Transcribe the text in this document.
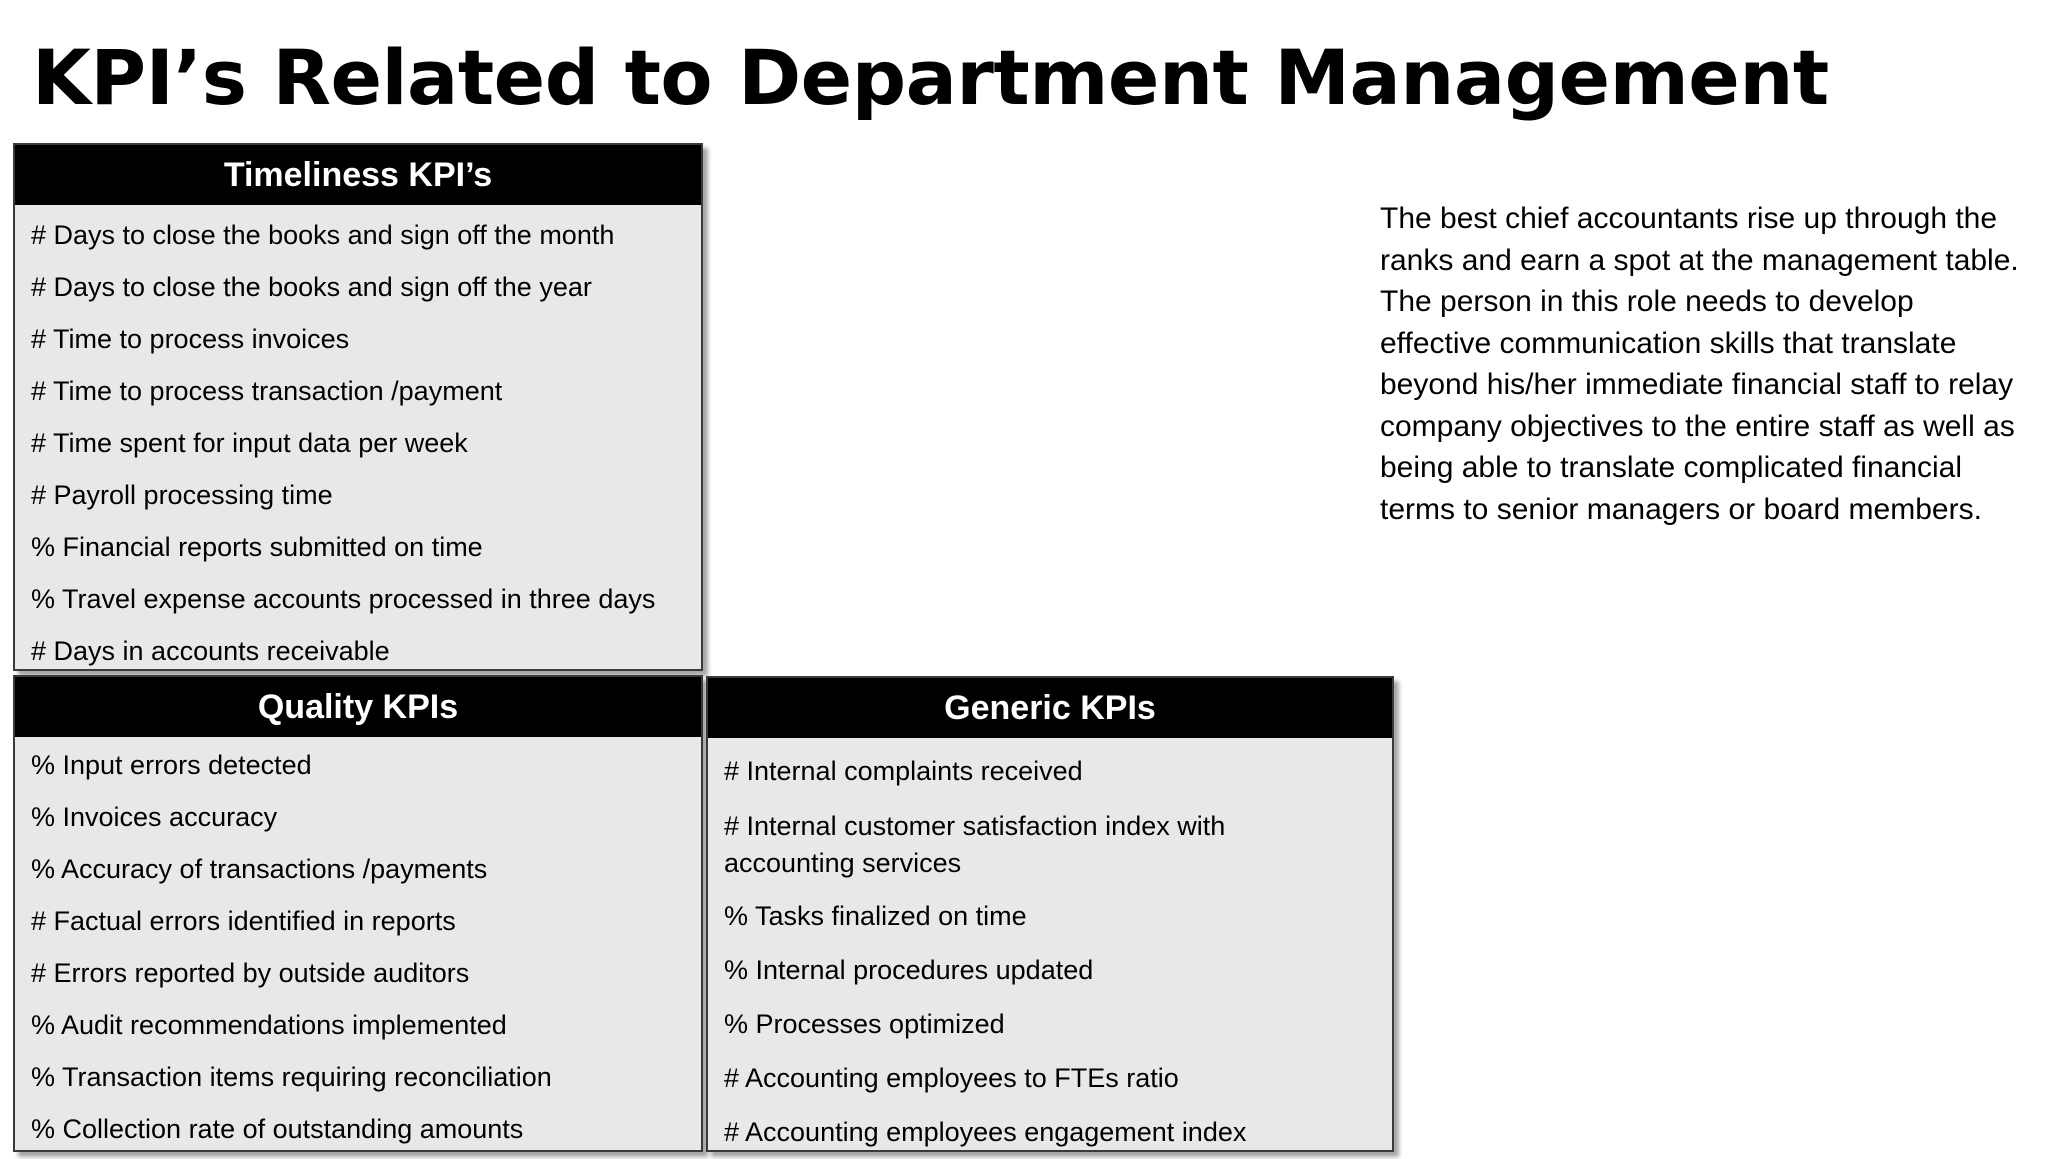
KPI’s Related to Department Management
Timeliness KPI’s
# Days to close the books and sign off the month
# Days to close the books and sign off the year
# Time to process invoices
# Time to process transaction /payment
# Time spent for input data per week
# Payroll processing time
% Financial reports submitted on time
% Travel expense accounts processed in three days
# Days in accounts receivable
Quality KPIs
% Input errors detected
% Invoices accuracy
% Accuracy of transactions /payments
# Factual errors identified in reports
# Errors reported by outside auditors
% Audit recommendations implemented
% Transaction items requiring reconciliation
% Collection rate of outstanding amounts
Generic KPIs
# Internal complaints received
# Internal customer satisfaction index with accounting services
% Tasks finalized on time
% Internal procedures updated
% Processes optimized
# Accounting employees to FTEs ratio
# Accounting employees engagement index

The best chief accountants rise up through the ranks and earn a spot at the management table.

The person in this role needs to develop effective communication skills that translate beyond his/her immediate financial staff to relay company objectives to the entire staff as well as being able to translate complicated financial terms to senior managers or board members.
